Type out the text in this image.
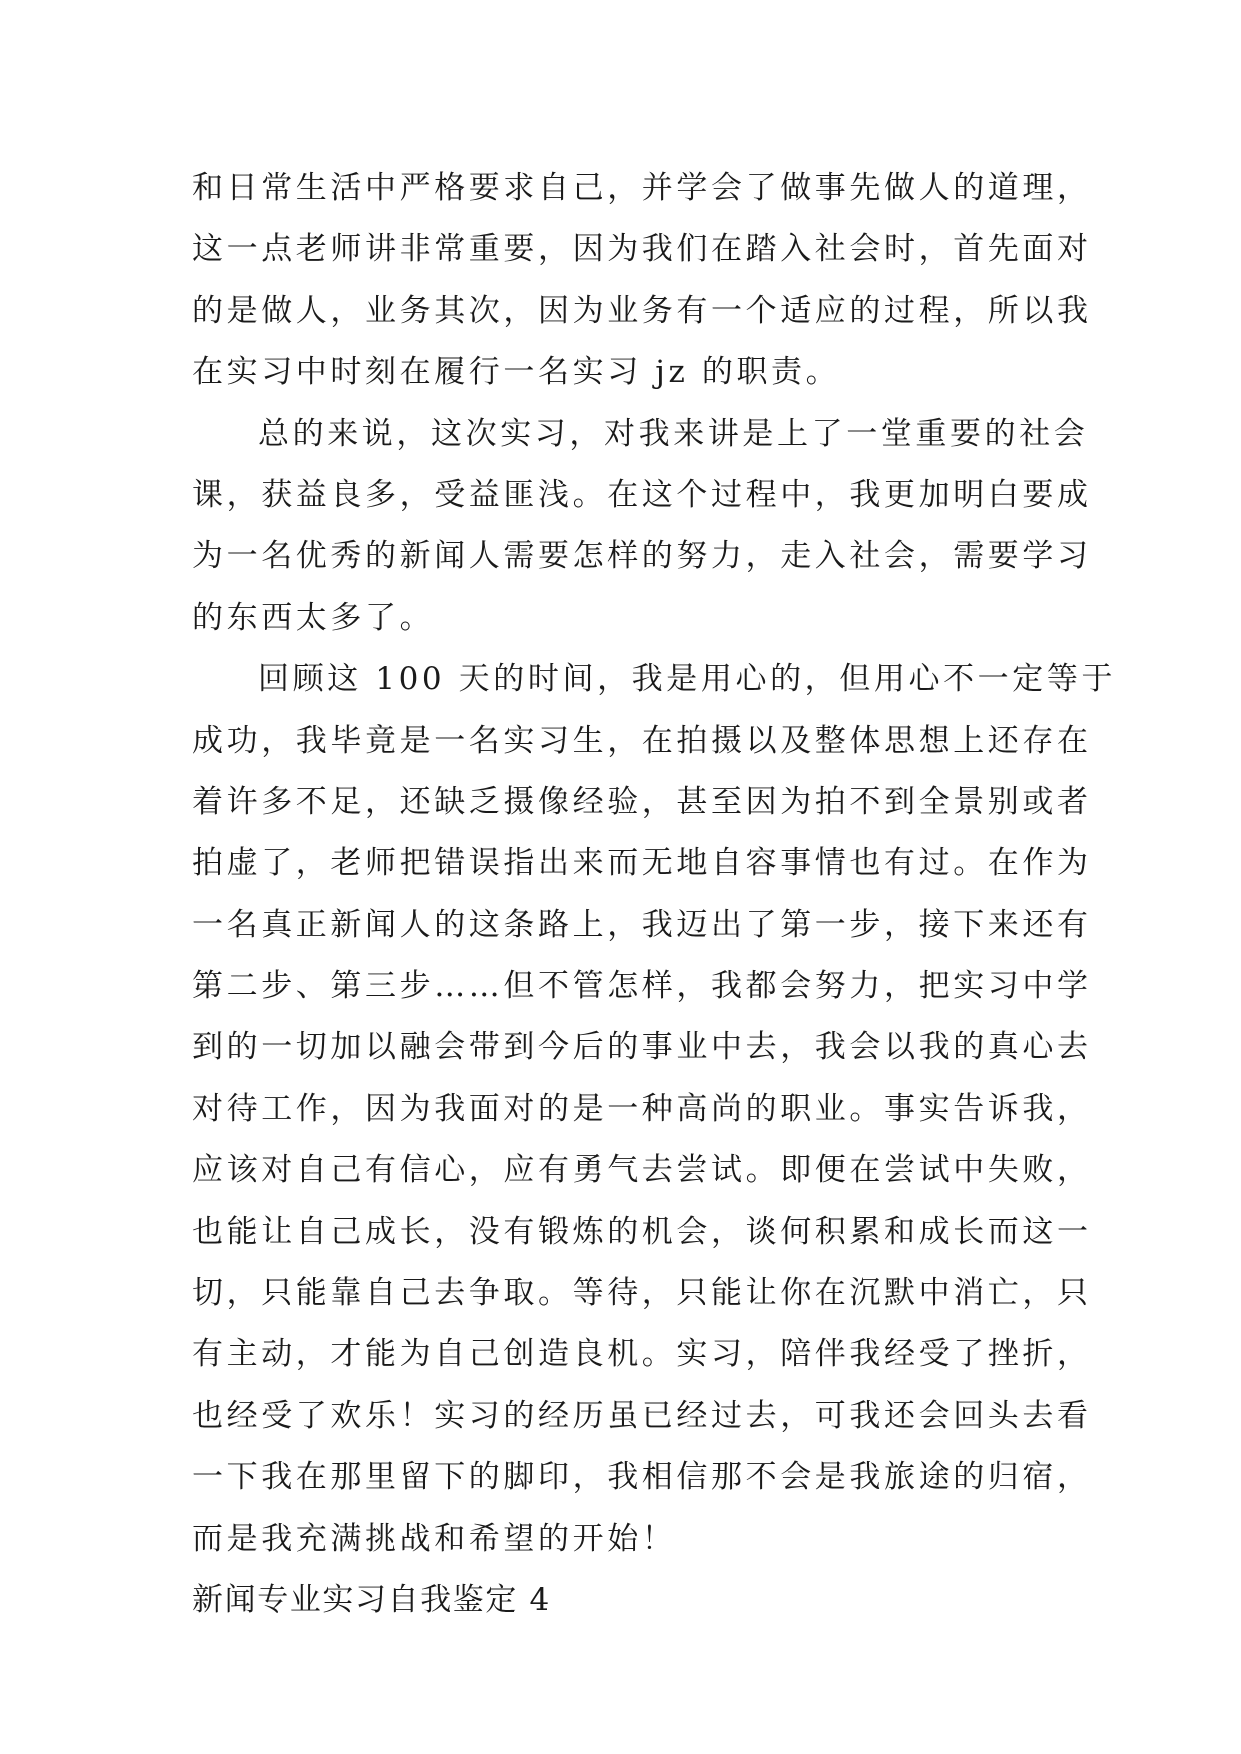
和日常生活中严格要求自己，并学会了做事先做人的道理，
这一点老师讲非常重要，因为我们在踏入社会时，首先面对
的是做人，业务其次，因为业务有一个适应的过程，所以我
在实习中时刻在履行一名实习 jz 的职责。
总的来说，这次实习，对我来讲是上了一堂重要的社会
课，获益良多，受益匪浅。在这个过程中，我更加明白要成
为一名优秀的新闻人需要怎样的努力，走入社会，需要学习
的东西太多了。
回顾这 100 天的时间，我是用心的，但用心不一定等于
成功，我毕竟是一名实习生，在拍摄以及整体思想上还存在
着许多不足，还缺乏摄像经验，甚至因为拍不到全景别或者
拍虚了，老师把错误指出来而无地自容事情也有过。在作为
一名真正新闻人的这条路上，我迈出了第一步，接下来还有
第二步、第三步……但不管怎样，我都会努力，把实习中学
到的一切加以融会带到今后的事业中去，我会以我的真心去
对待工作，因为我面对的是一种高尚的职业。事实告诉我，
应该对自己有信心，应有勇气去尝试。即便在尝试中失败，
也能让自己成长，没有锻炼的机会，谈何积累和成长而这一
切，只能靠自己去争取。等待，只能让你在沉默中消亡，只
有主动，才能为自己创造良机。实习，陪伴我经受了挫折，
也经受了欢乐！实习的经历虽已经过去，可我还会回头去看
一下我在那里留下的脚印，我相信那不会是我旅途的归宿，
而是我充满挑战和希望的开始！
新闻专业实习自我鉴定 4
